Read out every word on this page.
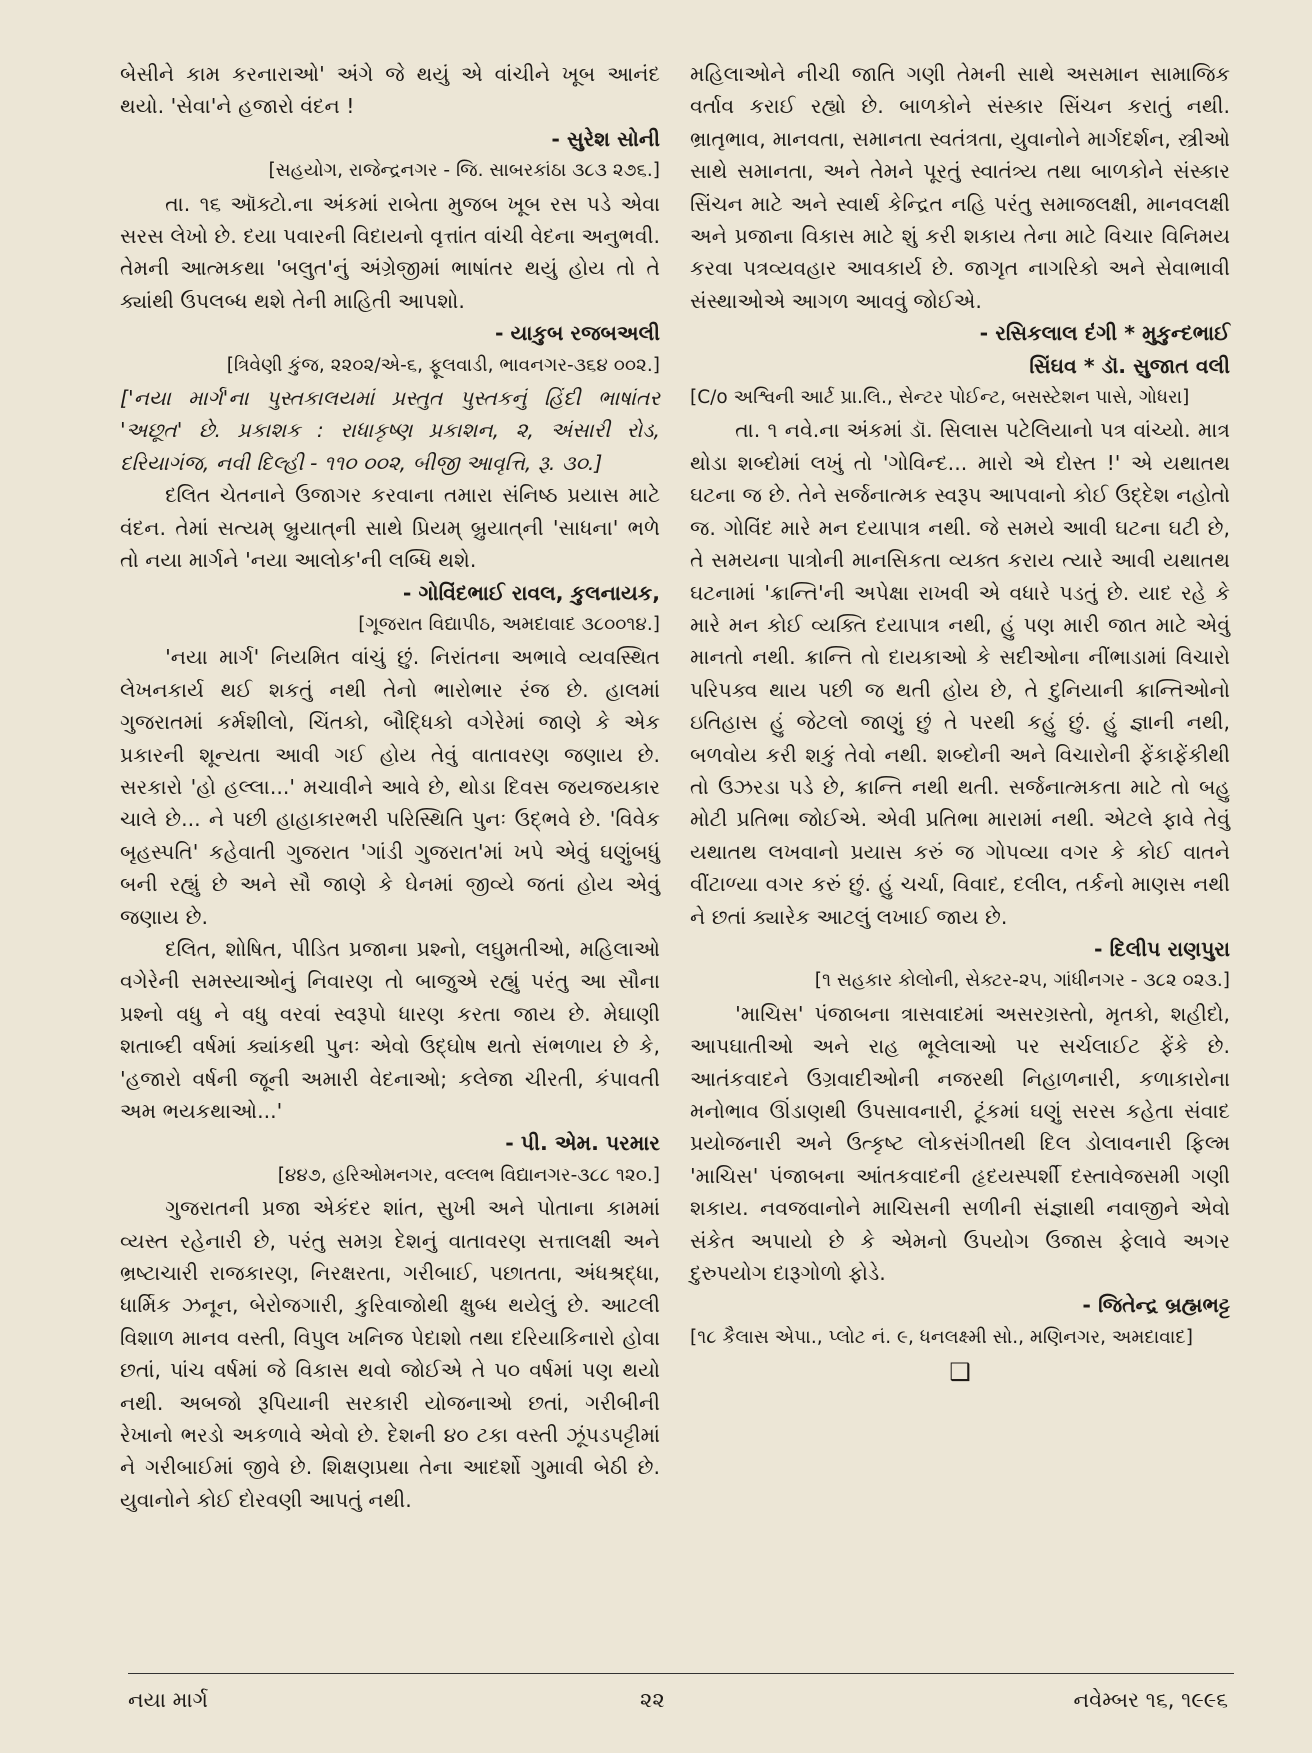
બેસીને કામ કરનારાઓ' અંગે જે થયું એ વાંચીને ખૂબ આનંદ થયો. 'સેવા'ને હજારો વંદન !

- સુરેશ સોની

[સહયોગ, રાજેન્દ્રનગર - જિ. સાબરકાંઠા ૩૮૩ ૨૭૬.]

તા. ૧૬ ઑક્ટો.ના અંકમાં રાબેતા મુજબ ખૂબ રસ પડે એવા સરસ લેખો છે. દયા પવારની વિદાયનો વૃત્તાંત વાંચી વેદના અનુભવી. તેમની આત્મકથા 'બલુત'નું અંગ્રેજીમાં ભાષાંતર થયું હોય તો તે ક્યાંથી ઉપલબ્ધ થશે તેની માહિતી આપશો.

- યાકુબ રજબઅલી

[ત્રિવેણી કુંજ, ૨૨૦૨/એ-૬, ફૂલવાડી, ભાવનગર-૩૬૪ ૦૦૨.]

['નયા માર્ગ'ના પુસ્તકાલયમાં પ્રસ્તુત પુસ્તકનું હિંદી ભાષાંતર 'અછૂત' છે. પ્રકાશક : રાધાકૃષ્ણ પ્રકાશન, ૨, અંસારી રોડ, દરિયાગંજ, નવી દિલ્હી - ૧૧૦ ૦૦૨, બીજી આવૃત્તિ, રૂ. ૩૦.]

દલિત ચેતનાને ઉજાગર કરવાના તમારા સંનિષ્ઠ પ્રયાસ માટે વંદન. તેમાં સત્યમ્ બ્રુયાત્‌ની સાથે પ્રિયમ્ બ્રુયાત્‌ની 'સાધના' ભળે તો નયા માર્ગને 'નયા આલોક'ની લબ્ધિ થશે.

- ગોવિંદભાઈ રાવલ, કુલનાયક,

[ગૂજરાત વિદ્યાપીઠ, અમદાવાદ ૩૮૦૦૧૪.]

'નયા માર્ગ' નિયમિત વાંચું છું. નિરાંતના અભાવે વ્યવસ્થિત લેખનકાર્ય થઈ શકતું નથી તેનો ભારોભાર રંજ છે. હાલમાં ગુજરાતમાં કર્મશીલો, ચિંતકો, બૌદ્ધિકો વગેરેમાં જાણે કે એક પ્રકારની શૂન્યતા આવી ગઈ હોય તેવું વાતાવરણ જણાય છે. સરકારો 'હો હલ્લા...' મચાવીને આવે છે, થોડા દિવસ જયજયકાર ચાલે છે... ને પછી હાહાકારભરી પરિસ્થિતિ પુનઃ ઉદ્ભવે છે. 'વિવેક બૃહસ્પતિ' કહેવાતી ગુજરાત 'ગાંડી ગુજરાત'માં ખપે એવું ઘણુંબધું બની રહ્યું છે અને સૌ જાણે કે ઘેનમાં જીવ્યે જતાં હોય એવું જણાય છે.

દલિત, શોષિત, પીડિત પ્રજાના પ્રશ્નો, લઘુમતીઓ, મહિલાઓ વગેરેની સમસ્યાઓનું નિવારણ તો બાજુએ રહ્યું પરંતુ આ સૌના પ્રશ્નો વધુ ને વધુ વરવાં સ્વરૂપો ધારણ કરતા જાય છે. મેઘાણી શતાબ્દી વર્ષમાં ક્યાંકથી પુનઃ એવો ઉદ્ઘોષ થતો સંભળાય છે કે, 'હજારો વર્ષની જૂની અમારી વેદનાઓ; કલેજા ચીરતી, કંપાવતી અમ ભયકથાઓ...'

- પી. એમ. પરમાર

[૪૪૭, હરિઓમનગર, વલ્લભ વિદ્યાનગર-૩૮૮ ૧૨૦.]

ગુજરાતની પ્રજા એકંદર શાંત, સુખી અને પોતાના કામમાં વ્યસ્ત રહેનારી છે, પરંતુ સમગ્ર દેશનું વાતાવરણ સત્તાલક્ષી અને ભ્રષ્ટાચારી રાજકારણ, નિરક્ષરતા, ગરીબાઈ, પછાતતા, અંધશ્રદ્ધા, ધાર્મિક ઝનૂન, બેરોજગારી, કુરિવાજોથી ક્ષુબ્ધ થયેલું છે. આટલી વિશાળ માનવ વસ્તી, વિપુલ ખનિજ પેદાશો તથા દરિયાકિનારો હોવા છતાં, પાંચ વર્ષમાં જે વિકાસ થવો જોઈએ તે ૫૦ વર્ષમાં પણ થયો નથી. અબજો રૂપિયાની સરકારી યોજનાઓ છતાં, ગરીબીની રેખાનો ભરડો અકળાવે એવો છે. દેશની ૪૦ ટકા વસ્તી ઝૂંપડપટ્ટીમાં ને ગરીબાઈમાં જીવે છે. શિક્ષણપ્રથા તેના આદર્શો ગુમાવી બેઠી છે. યુવાનોને કોઈ દોરવણી આપતું નથી.

મહિલાઓને નીચી જાતિ ગણી તેમની સાથે અસમાન સામાજિક વર્તાવ કરાઈ રહ્યો છે. બાળકોને સંસ્કાર સિંચન કરાતું નથી. ભ્રાતૃભાવ, માનવતા, સમાનતા સ્વતંત્રતા, યુવાનોને માર્ગદર્શન, સ્ત્રીઓ સાથે સમાનતા, અને તેમને પૂરતું સ્વાતંત્ર્ય તથા બાળકોને સંસ્કાર સિંચન માટે અને સ્વાર્થ કેન્દ્રિત નહિ પરંતુ સમાજલક્ષી, માનવલક્ષી અને પ્રજાના વિકાસ માટે શું કરી શકાય તેના માટે વિચાર વિનિમય કરવા પત્રવ્યવહાર આવકાર્ય છે. જાગૃત નાગરિકો અને સેવાભાવી સંસ્થાઓએ આગળ આવવું જોઈએ.

- રસિકલાલ દંગી * મુકુન્દભાઈ

સિંઘવ * ડૉ. સુજાત વલી

[C/o અશ્વિની આર્ટ પ્રા.લિ., સેન્ટર પોઈન્ટ, બસસ્ટેશન પાસે, ગોધરા]

તા. ૧ નવે.ના અંકમાં ડૉ. સિલાસ પટેલિયાનો પત્ર વાંચ્યો. માત્ર થોડા શબ્દોમાં લખું તો 'ગોવિન્દ... મારો એ દોસ્ત !' એ યથાતથ ઘટના જ છે. તેને સર્જનાત્મક સ્વરૂપ આપવાનો કોઈ ઉદ્દેશ નહોતો જ. ગોવિંદ મારે મન દયાપાત્ર નથી. જે સમયે આવી ઘટના ઘટી છે, તે સમયના પાત્રોની માનસિકતા વ્યક્ત કરાય ત્યારે આવી યથાતથ ઘટનામાં 'ક્રાન્તિ'ની અપેક્ષા રાખવી એ વધારે પડતું છે. યાદ રહે કે મારે મન કોઈ વ્યક્તિ દયાપાત્ર નથી, હું પણ મારી જાત માટે એવું માનતો નથી. ક્રાન્તિ તો દાયકાઓ કે સદીઓના નીંભાડામાં વિચારો પરિપક્વ થાય પછી જ થતી હોય છે, તે દુનિયાની ક્રાન્તિઓનો ઇતિહાસ હું જેટલો જાણું છું તે પરથી કહું છું. હું જ્ઞાની નથી, બળવોય કરી શકું તેવો નથી. શબ્દોની અને વિચારોની ફેંકાફેંકીથી તો ઉઝરડા પડે છે, ક્રાન્તિ નથી થતી. સર્જનાત્મકતા માટે તો બહુ મોટી પ્રતિભા જોઈએ. એવી પ્રતિભા મારામાં નથી. એટલે ફાવે તેવું યથાતથ લખવાનો પ્રયાસ કરું જ ગોપવ્યા વગર કે કોઈ વાતને વીંટાળ્યા વગર કરું છું. હું ચર્ચા, વિવાદ, દલીલ, તર્કનો માણસ નથી ને છતાં ક્યારેક આટલું લખાઈ જાય છે.

- દિલીપ રાણપુરા

[૧ સહકાર કોલોની, સેક્ટર-૨૫, ગાંધીનગર - ૩૮૨ ૦૨૩.]

'માચિસ' પંજાબના ત્રાસવાદમાં અસરગ્રસ્તો, મૃતકો, શહીદો, આપઘાતીઓ અને રાહ ભૂલેલાઓ પર સર્ચલાઈટ ફેંકે છે. આતંકવાદને ઉગ્રવાદીઓની નજરથી નિહાળનારી, કળાકારોના મનોભાવ ઊંડાણથી ઉપસાવનારી, ટૂંકમાં ઘણું સરસ કહેતા સંવાદ પ્રયોજનારી અને ઉત્કૃષ્ટ લોકસંગીતથી દિલ ડોલાવનારી ફિલ્મ 'માચિસ' પંજાબના આંતકવાદની હૃદયસ્પર્શી દસ્તાવેજસમી ગણી શકાય. નવજવાનોને માચિસની સળીની સંજ્ઞાથી નવાજીને એવો સંકેત અપાયો છે કે એમનો ઉપયોગ ઉજાસ ફેલાવે અગર દુરુપયોગ દારૂગોળો ફોડે.

- જિતેન્દ્ર બ્રહ્મભટ્ટ

[૧૮ કૈલાસ એપા., પ્લોટ નં. ૯, ધનલક્ષ્મી સો., મણિનગર, અમદાવાદ]

❑
નયા માર્ગ	૨૨	નવેમ્બર ૧૬, ૧૯૯૬
